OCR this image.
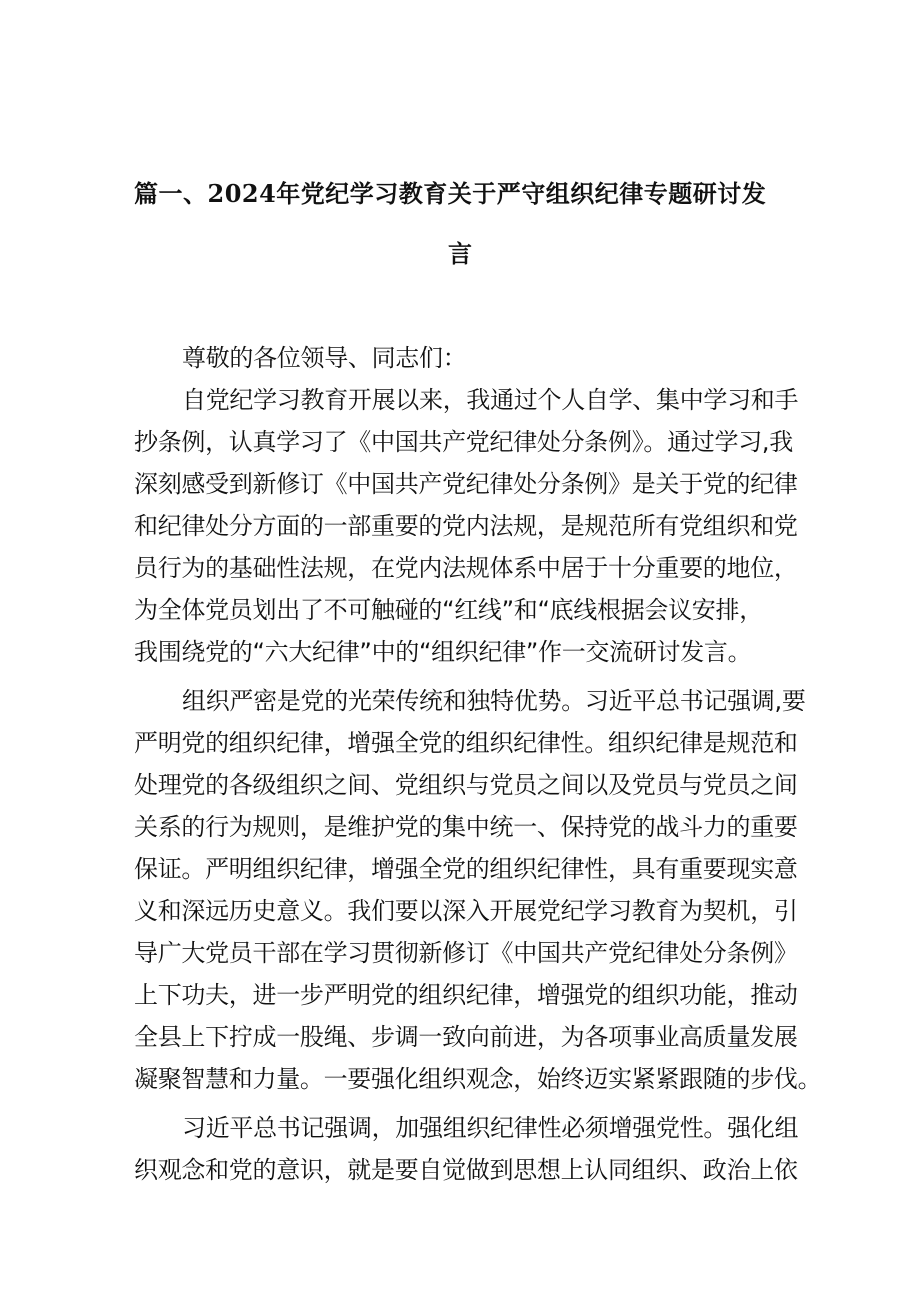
篇一、2024年党纪学习教育关于严守组织纪律专题研讨发
言
尊敬的各位领导、同志们：
自党纪学习教育开展以来，我通过个人自学、集中学习和手
抄条例，认真学习了《中国共产党纪律处分条例》。通过学习,我
深刻感受到新修订《中国共产党纪律处分条例》是关于党的纪律
和纪律处分方面的一部重要的党内法规，是规范所有党组织和党
员行为的基础性法规，在党内法规体系中居于十分重要的地位，
为全体党员划出了不可触碰的“红线”和“底线根据会议安排，
我围绕党的“六大纪律”中的“组织纪律”作一交流研讨发言。
组织严密是党的光荣传统和独特优势。习近平总书记强调,要
严明党的组织纪律，增强全党的组织纪律性。组织纪律是规范和
处理党的各级组织之间、党组织与党员之间以及党员与党员之间
关系的行为规则，是维护党的集中统一、保持党的战斗力的重要
保证。严明组织纪律，增强全党的组织纪律性，具有重要现实意
义和深远历史意义。我们要以深入开展党纪学习教育为契机，引
导广大党员干部在学习贯彻新修订《中国共产党纪律处分条例》
上下功夫，进一步严明党的组织纪律，增强党的组织功能，推动
全县上下拧成一股绳、步调一致向前进，为各项事业高质量发展
凝聚智慧和力量。一要强化组织观念，始终迈实紧紧跟随的步伐。
习近平总书记强调，加强组织纪律性必须增强党性。强化组
织观念和党的意识，就是要自觉做到思想上认同组织、政治上依
